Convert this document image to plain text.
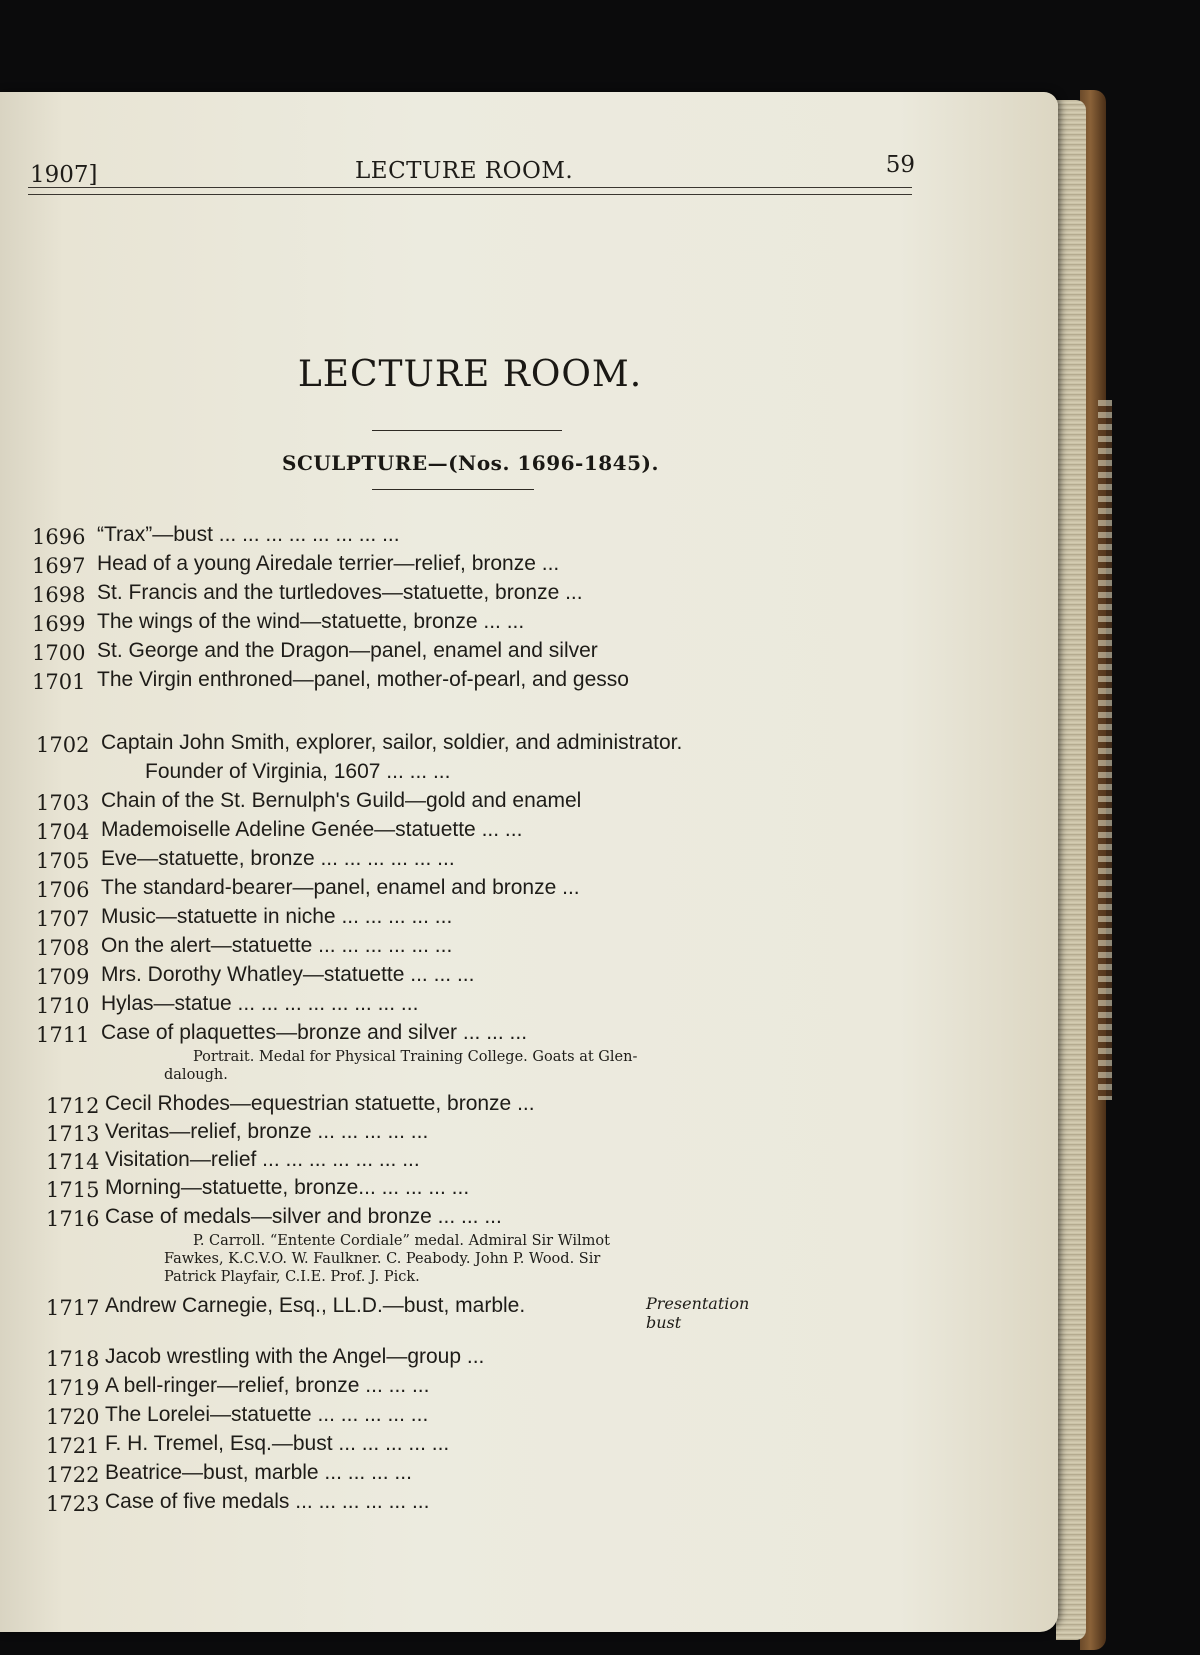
1907]	LECTURE ROOM.	59
LECTURE ROOM.
SCULPTURE—(Nos. 1696-1845).
1696 “Trax”—bust ... ... ... ... ... ... ... ...
1697 Head of a young Airedale terrier—relief, bronze ...
1698 St. Francis and the turtledoves—statuette, bronze ...
1699 The wings of the wind—statuette, bronze ... ...
1700 St. George and the Dragon—panel, enamel and silver
1701 The Virgin enthroned—panel, mother-of-pearl, and gesso
1702 Captain John Smith, explorer, sailor, soldier, and administrator.
Founder of Virginia, 1607 ... ... ...
1703 Chain of the St. Bernulph's Guild—gold and enamel
1704 Mademoiselle Adeline Genée—statuette ... ...
1705 Eve—statuette, bronze ... ... ... ... ... ...
1706 The standard-bearer—panel, enamel and bronze ...
1707 Music—statuette in niche ... ... ... ... ...
1708 On the alert—statuette ... ... ... ... ... ...
1709 Mrs. Dorothy Whatley—statuette ... ... ...
1710 Hylas—statue ... ... ... ... ... ... ... ...
1711 Case of plaquettes—bronze and silver ... ... ...
Portrait. Medal for Physical Training College. Goats at Glen-
dalough.
1712 Cecil Rhodes—equestrian statuette, bronze ...
1713 Veritas—relief, bronze ... ... ... ... ...
1714 Visitation—relief ... ... ... ... ... ... ...
1715 Morning—statuette, bronze... ... ... ... ...
1716 Case of medals—silver and bronze ... ... ...
P. Carroll. “Entente Cordiale” medal. Admiral Sir Wilmot
Fawkes, K.C.V.O. W. Faulkner. C. Peabody. John P. Wood. Sir
Patrick Playfair, C.I.E. Prof. J. Pick.
1717 Andrew Carnegie, Esq., LL.D.—bust, marble.	Presentation bust
1718 Jacob wrestling with the Angel—group ...
1719 A bell-ringer—relief, bronze ... ... ...
1720 The Lorelei—statuette ... ... ... ... ...
1721 F. H. Tremel, Esq.—bust ... ... ... ... ...
1722 Beatrice—bust, marble ... ... ... ...
1723 Case of five medals ... ... ... ... ... ...
